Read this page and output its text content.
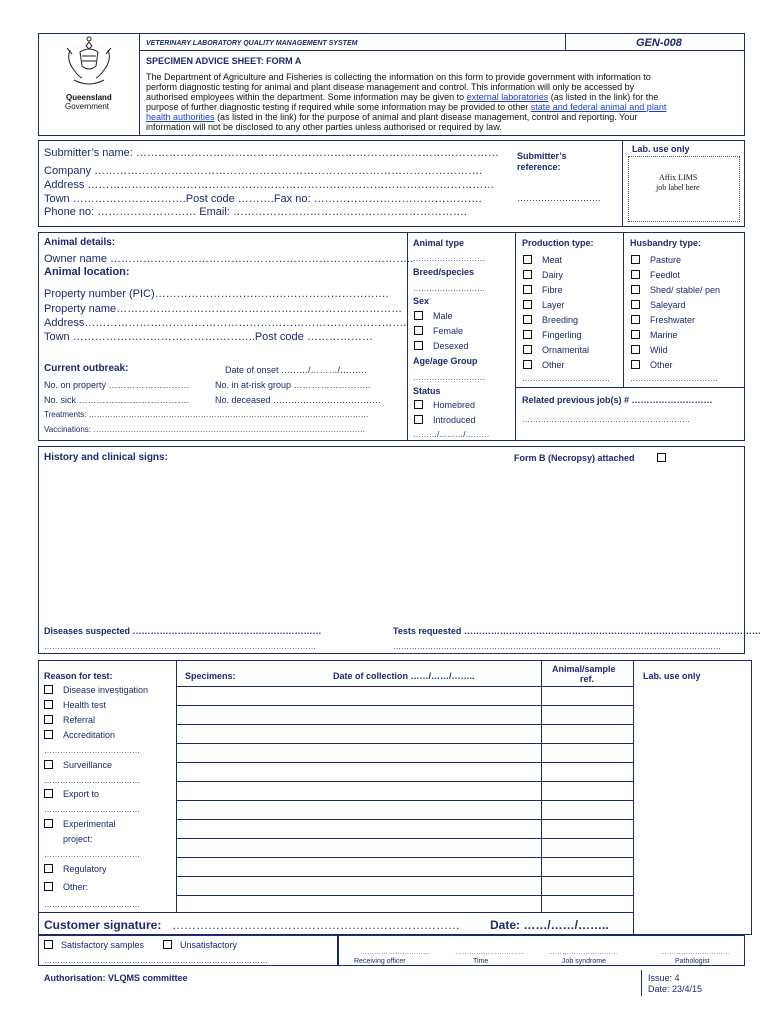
Queensland
Government
VETERINARY LABORATORY QUALITY MANAGEMENT SYSTEM	GEN-008
SPECIMEN ADVICE SHEET: FORM A
The Department of Agriculture and Fisheries is collecting the information on this form to provide government with information to
perform diagnostic testing for animal and plant disease management and control. This information will only be accessed by
authorised employees within the department. Some information may be given to external laboratories (as listed in the link) for the
purpose of further diagnostic testing if required while some information may be provided to other state and federal animal and plant
health authorities (as listed in the link) for the purpose of animal and plant disease management, control and reporting. Your
information will not be disclosed to any other parties unless authorised or required by law.
Submitter’s name: ………………………………………………………………………………………
Company …………………………………………………………………………………………….
Address …………………………………………………………………………………………………
Town ………………………….Post code ……….Fax no: ……………………………………….
Phone no: ……………………… Email: ……………………………………………………….
Submitter’s
reference:
……………………….
Lab. use only
Affix LIMS
job label here
Animal details:
Owner name ………………………………………………………………………..
Animal location:
Property number (PIC)……………………………………………………….
Property name……………………………………………………………………
Address…………………………………………………………………………….
Town …………………………………………..Post code ………………
Current outbreak:	Date of onset ………/………/………
No. on property ………………………	No. in at-risk group ……………………..
No. sick ……………………………….	No. deceased ………………………………
Treatments: ……………………………………………………………………………………………
Vaccinations: …………………………………………………………………………………………
Animal type
………………………
Breed/species
………………………
Sex
Male
Female
Desexed
Age/age Group
………………………
Status
Homebred
Introduced
………/………/………
Production type:
Meat
Dairy
Fibre
Layer
Breeding
Fingerling
Ornamental
Other
……………………………
Husbandry type:
Pasture
Feedlot
Shed/ stable/ pen
Saleyard
Freshwater
Marine
Wild
Other
……………………………
Related previous job(s) # ………………………
………………………………………………………
History and clinical signs:	Form B (Necropsy) attached
Diseases suspected ………………………………………………………	Tests requested ………………………………………………………………………………………
…………………………………………………………………………………………	……………………………………………………………………………………………………………
Reason for test:
Disease investigation
Health test
Referral
Accreditation
………………………………
Surveillance
………………………………
Export to
………………………………
Experimental
project:
………………………………
Regulatory
Other:
………………………………
Specimens:	Date of collection ……/……/……..
Animal/sample
ref.	Lab. use only
Customer signature: ………………………………………………………………	Date: ……/……/……..
Satisfactory samples	Unsatisfactory
…………………………………………………………………………
…………………………
Receiving officer
…………………………
Time
…………………………
Job syndrome
…………………………
Pathologist
Authorisation: VLQMS committee	Issue: 4
Date: 23/4/15
